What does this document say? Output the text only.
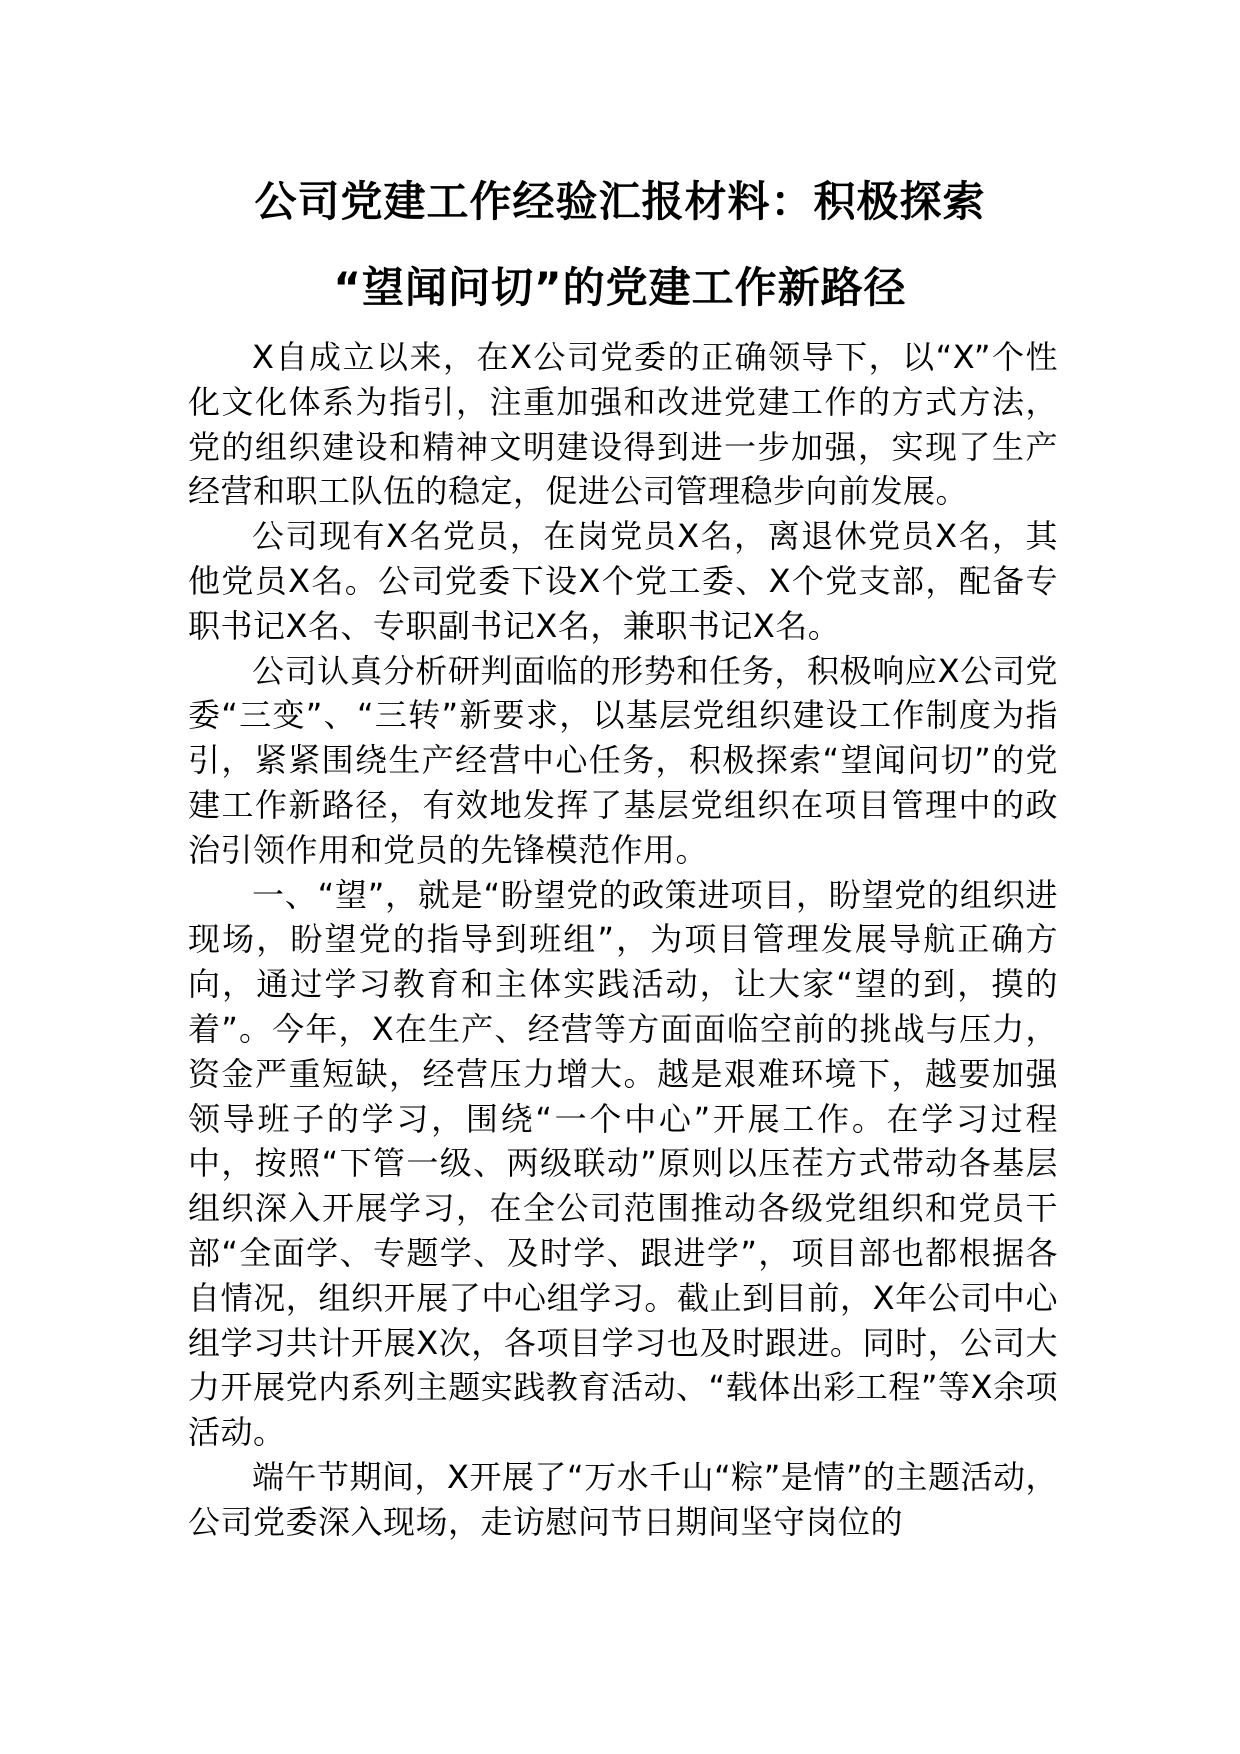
公司党建工作经验汇报材料：积极探索
“望闻问切”的党建工作新路径

X自成立以来，在X公司党委的正确领导下，以“X”个性化文化体系为指引，注重加强和改进党建工作的方式方法，党的组织建设和精神文明建设得到进一步加强，实现了生产经营和职工队伍的稳定，促进公司管理稳步向前发展。

公司现有X名党员，在岗党员X名，离退休党员X名，其他党员X名。公司党委下设X个党工委、X个党支部，配备专职书记X名、专职副书记X名，兼职书记X名。

公司认真分析研判面临的形势和任务，积极响应X公司党委“三变”、“三转”新要求，以基层党组织建设工作制度为指引，紧紧围绕生产经营中心任务，积极探索“望闻问切”的党建工作新路径，有效地发挥了基层党组织在项目管理中的政治引领作用和党员的先锋模范作用。

一、“望”，就是“盼望党的政策进项目，盼望党的组织进现场，盼望党的指导到班组”，为项目管理发展导航正确方向，通过学习教育和主体实践活动，让大家“望的到，摸的着”。今年，X在生产、经营等方面面临空前的挑战与压力，资金严重短缺，经营压力增大。越是艰难环境下，越要加强领导班子的学习，围绕“一个中心”开展工作。在学习过程中，按照“下管一级、两级联动”原则以压茬方式带动各基层组织深入开展学习，在全公司范围推动各级党组织和党员干部“全面学、专题学、及时学、跟进学”，项目部也都根据各自情况，组织开展了中心组学习。截止到目前，X年公司中心组学习共计开展X次，各项目学习也及时跟进。同时，公司大力开展党内系列主题实践教育活动、“载体出彩工程”等X余项活动。

端午节期间，X开展了“万水千山“粽”是情”的主题活动，公司党委深入现场，走访慰问节日期间坚守岗位的
